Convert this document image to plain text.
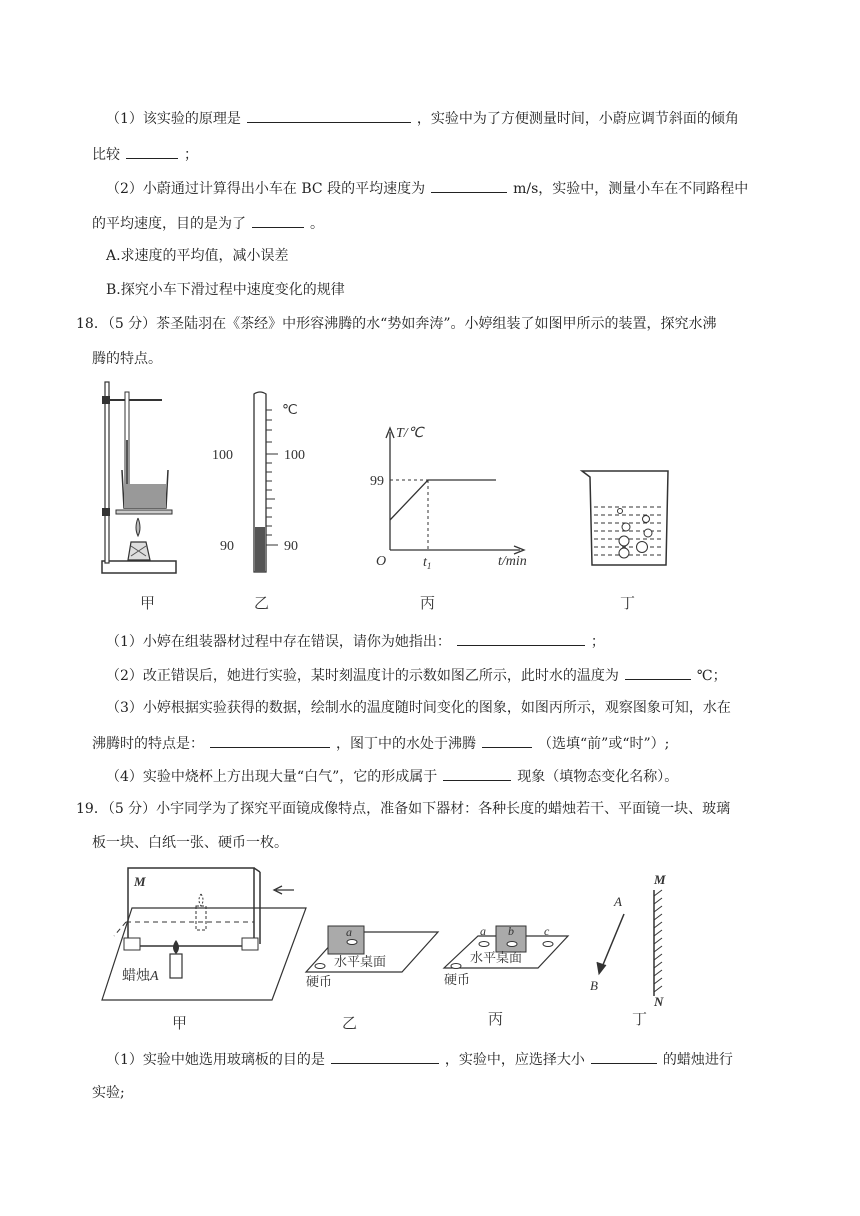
（1）该实验的原理是	，实验中为了方便测量时间，小蔚应调节斜面的倾角
比较	；
（2）小蔚通过计算得出小车在 BC 段的平均速度为	m/s，实验中，测量小车在不同路程中
的平均速度，目的是为了	。
A.求速度的平均值，减小误差
B.探究小车下滑过程中速度变化的规律
18．（5 分）茶圣陆羽在《茶经》中形容沸腾的水“势如奔涛”。小婷组装了如图甲所示的装置，探究水沸
腾的特点。
℃
100	100
90	90
T/℃
99
O	$t_1$	t/min
甲	乙	丙	丁
（1）小婷在组装器材过程中存在错误，请你为她指出：	；
（2）改正错误后，她进行实验，某时刻温度计的示数如图乙所示，此时水的温度为	℃；
（3）小婷根据实验获得的数据，绘制水的温度随时间变化的图象，如图丙所示，观察图象可知，水在
沸腾时的特点是：	，图丁中的水处于沸腾	（选填“前”或“时”）;
（4）实验中烧杯上方出现大量“白气”，它的形成属于	现象（填物态变化名称）。
19．（5 分）小宇同学为了探究平面镜成像特点，准备如下器材：各种长度的蜡烛若干、平面镜一块、玻璃
板一块、白纸一张、硬币一枚。
M
蜡烛A
a
水平桌面
硬币
a b	c
水平桌面
硬币
A
B
M
N
甲	乙	丙	丁
（1）实验中她选用玻璃板的目的是	，实验中，应选择大小	的蜡烛进行
实验;
